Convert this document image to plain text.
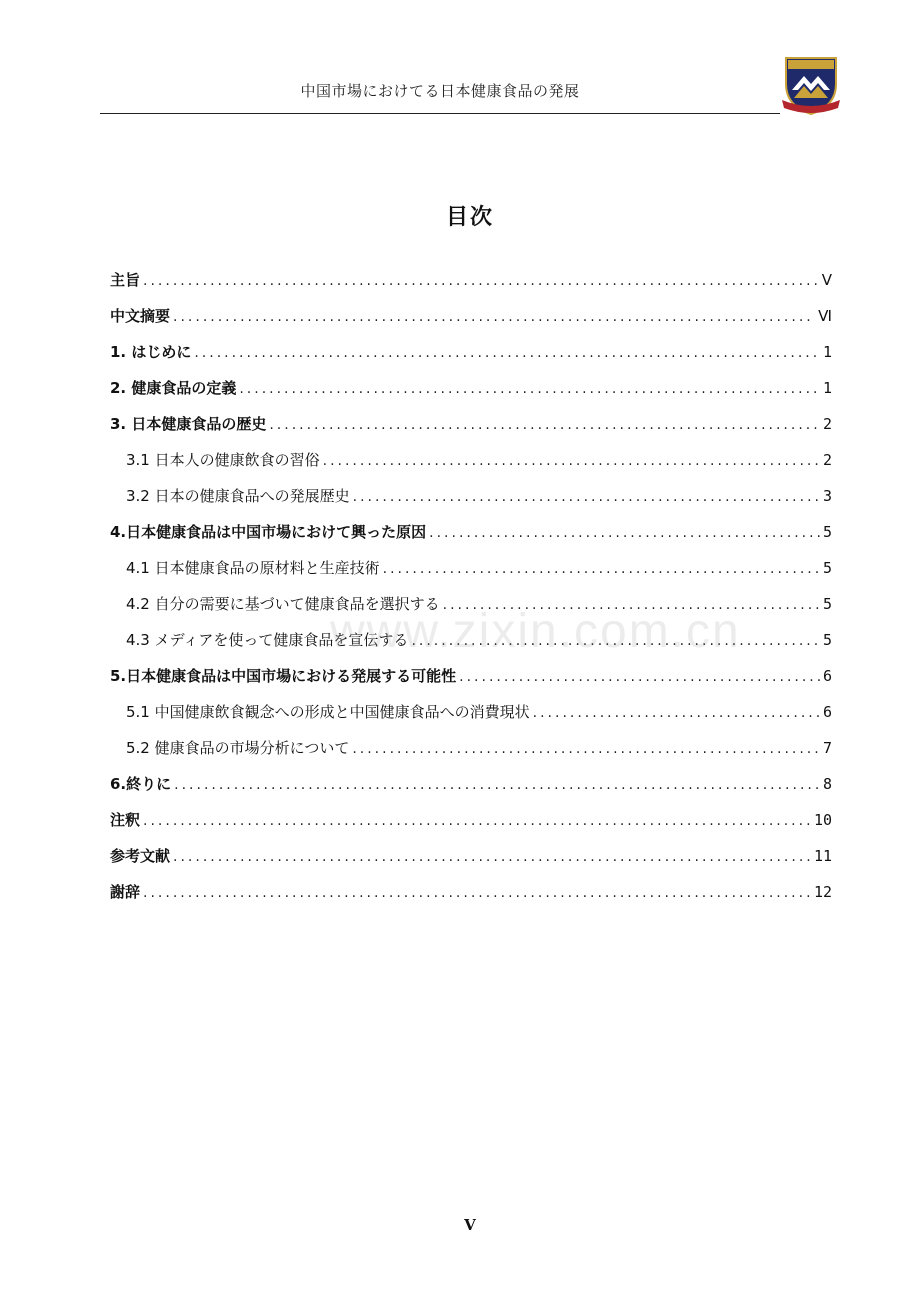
中国市場におけてる日本健康食品の発展
目次
主旨 .....	Ⅴ
中文摘要 .....	Ⅵ
1. はじめに .....	1
2. 健康食品の定義 .....	1
3. 日本健康食品の歴史 .....	2
3.1 日本人の健康飲食の習俗 .....	2
3.2 日本の健康食品への発展歴史 .....	3
4.日本健康食品は中国市場におけて興った原因 .....	5
4.1 日本健康食品の原材料と生産技術 .....	5
4.2 自分の需要に基づいて健康食品を選択する .....	5
4.3 メディアを使って健康食品を宣伝する .....	5
5.日本健康食品は中国市場における発展する可能性 .....	6
5.1 中国健康飲食観念への形成と中国健康食品への消費現状 .....	6
5.2 健康食品の市場分析について .....	7
6.終りに .....	8
注釈 .....	10
参考文献 .....	11
謝辞 .....	12
www.zixin.com.cn
V
